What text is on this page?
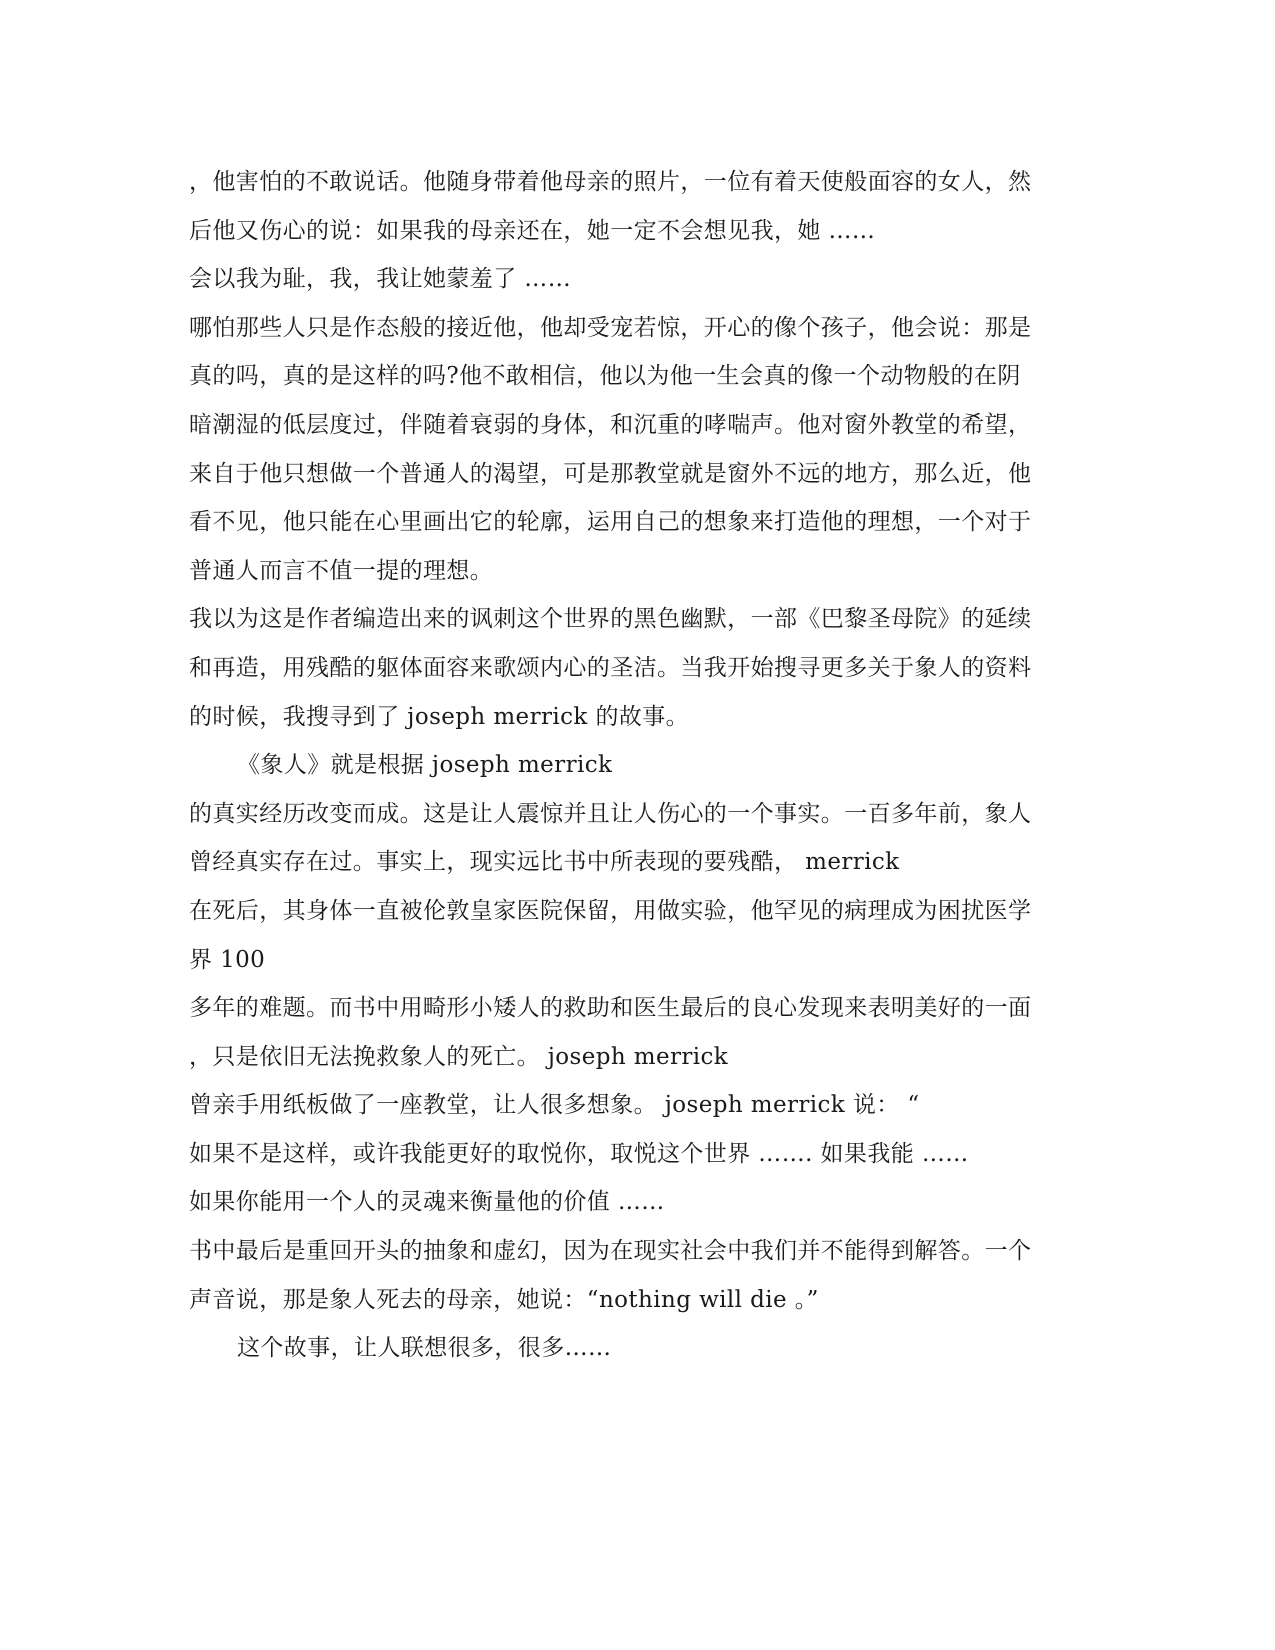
，他害怕的不敢说话。他随身带着他母亲的照片，一位有着天使般面容的女人，然
后他又伤心的说：如果我的母亲还在，她一定不会想见我，她 ……
会以我为耻，我，我让她蒙羞了 ……
哪怕那些人只是作态般的接近他，他却受宠若惊，开心的像个孩子，他会说：那是
真的吗，真的是这样的吗?他不敢相信，他以为他一生会真的像一个动物般的在阴
暗潮湿的低层度过，伴随着衰弱的身体，和沉重的哮喘声。他对窗外教堂的希望，
来自于他只想做一个普通人的渴望，可是那教堂就是窗外不远的地方，那么近，他
看不见，他只能在心里画出它的轮廓，运用自己的想象来打造他的理想，一个对于
普通人而言不值一提的理想。
我以为这是作者编造出来的讽刺这个世界的黑色幽默，一部《巴黎圣母院》的延续
和再造，用残酷的躯体面容来歌颂内心的圣洁。当我开始搜寻更多关于象人的资料
的时候，我搜寻到了 joseph merrick 的故事。
《象人》就是根据 joseph merrick
的真实经历改变而成。这是让人震惊并且让人伤心的一个事实。一百多年前，象人
曾经真实存在过。事实上，现实远比书中所表现的要残酷， merrick
在死后，其身体一直被伦敦皇家医院保留，用做实验，他罕见的病理成为困扰医学
界 100
多年的难题。而书中用畸形小矮人的救助和医生最后的良心发现来表明美好的一面
，只是依旧无法挽救象人的死亡。 joseph merrick
曾亲手用纸板做了一座教堂，让人很多想象。 joseph merrick 说： “
如果不是这样，或许我能更好的取悦你，取悦这个世界 ……. 如果我能 ……
如果你能用一个人的灵魂来衡量他的价值 ……
书中最后是重回开头的抽象和虚幻，因为在现实社会中我们并不能得到解答。一个
声音说，那是象人死去的母亲，她说：“nothing will die 。”
这个故事，让人联想很多，很多……
